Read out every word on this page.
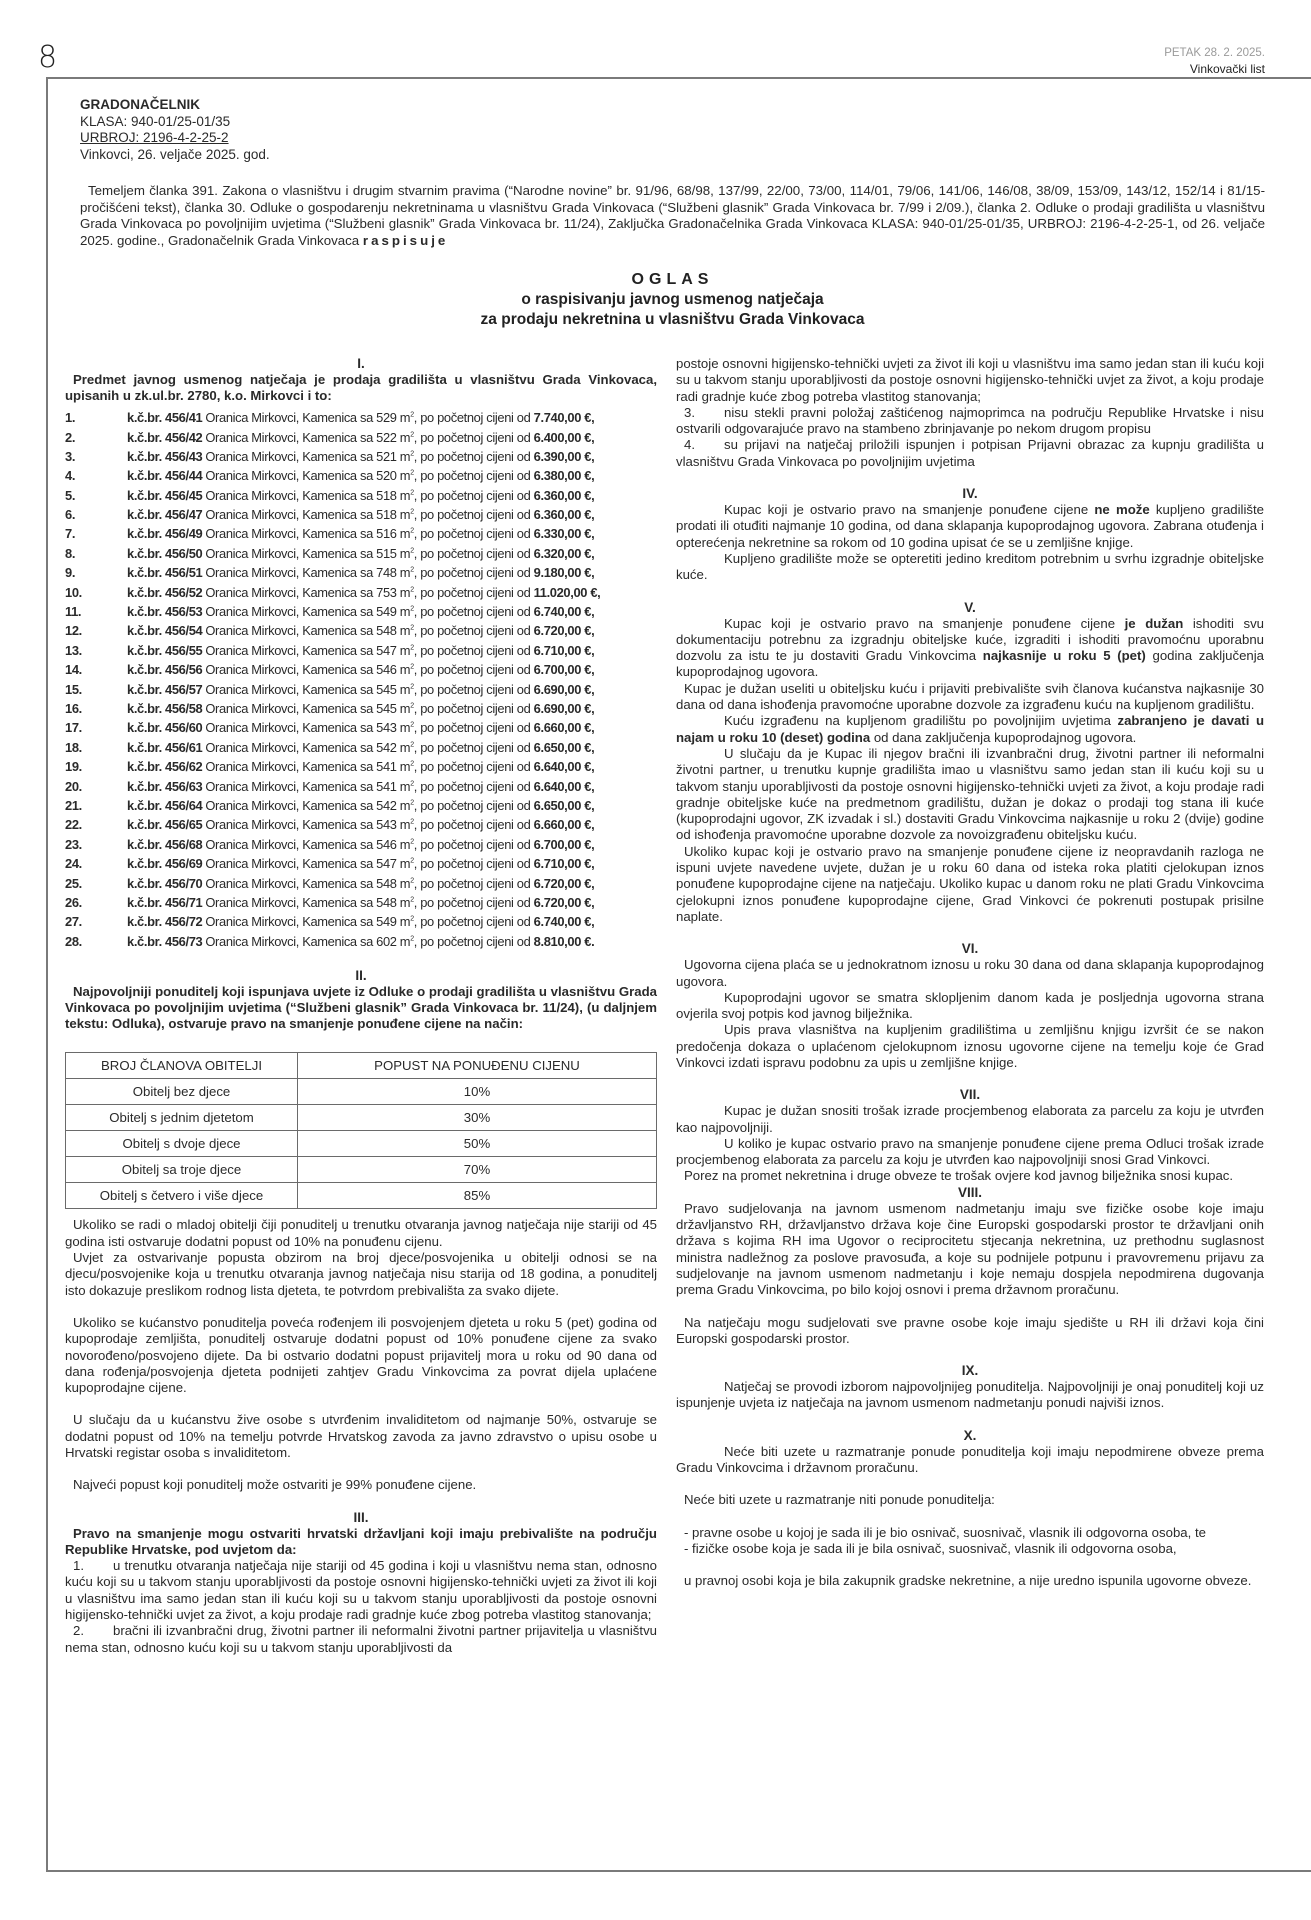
8	PETAK 28. 2. 2025.
Vinkovački list
GRADONAČELNIK
KLASA: 940-01/25-01/35
URBROJ: 2196-4-2-25-2
Vinkovci, 26. veljače 2025. god.
Temeljem članka 391. Zakona o vlasništvu i drugim stvarnim pravima (“Narodne novine” br. 91/96, 68/98, 137/99, 22/00, 73/00, 114/01, 79/06, 141/06, 146/08, 38/09, 153/09, 143/12, 152/14 i 81/15-pročišćeni tekst), članka 30. Odluke o gospodarenju nekretninama u vlasništvu Grada Vinkovaca (“Službeni glasnik” Grada Vinkovaca br. 7/99 i 2/09.), članka 2. Odluke o prodaji gradilišta u vlasništvu Grada Vinkovaca po povoljnijim uvjetima (“Službeni glasnik” Grada Vinkovaca br. 11/24), Zaključka Gradonačelnika Grada Vinkovaca KLASA: 940-01/25-01/35, URBROJ: 2196-4-2-25-1, od 26. veljače 2025. godine., Gradonačelnik Grada Vinkovaca raspisuje
OGLAS
o raspisivanju javnog usmenog natječaja
za prodaju nekretnina u vlasništvu Grada Vinkovaca
I.
Predmet javnog usmenog natječaja je prodaja gradilišta u vlasništvu Grada Vinkovaca, upisanih u zk.ul.br. 2780, k.o. Mirkovci i to:
1.	k.č.br. 456/41 Oranica Mirkovci, Kamenica sa 529 $m^2$, po početnoj cijeni od 7.740,00 €,
2.	k.č.br. 456/42 Oranica Mirkovci, Kamenica sa 522 $m^2$, po početnoj cijeni od 6.400,00 €,
3.	k.č.br. 456/43 Oranica Mirkovci, Kamenica sa 521 $m^2$, po početnoj cijeni od 6.390,00 €,
4.	k.č.br. 456/44 Oranica Mirkovci, Kamenica sa 520 $m^2$, po početnoj cijeni od 6.380,00 €,
5.	k.č.br. 456/45 Oranica Mirkovci, Kamenica sa 518 $m^2$, po početnoj cijeni od 6.360,00 €,
6.	k.č.br. 456/47 Oranica Mirkovci, Kamenica sa 518 $m^2$, po početnoj cijeni od 6.360,00 €,
7.	k.č.br. 456/49 Oranica Mirkovci, Kamenica sa 516 $m^2$, po početnoj cijeni od 6.330,00 €,
8.	k.č.br. 456/50 Oranica Mirkovci, Kamenica sa 515 $m^2$, po početnoj cijeni od 6.320,00 €,
9.	k.č.br. 456/51 Oranica Mirkovci, Kamenica sa 748 $m^2$, po početnoj cijeni od 9.180,00 €,
10.	k.č.br. 456/52 Oranica Mirkovci, Kamenica sa 753 $m^2$, po početnoj cijeni od 11.020,00 €,
11.	k.č.br. 456/53 Oranica Mirkovci, Kamenica sa 549 $m^2$, po početnoj cijeni od 6.740,00 €,
12.	k.č.br. 456/54 Oranica Mirkovci, Kamenica sa 548 $m^2$, po početnoj cijeni od 6.720,00 €,
13.	k.č.br. 456/55 Oranica Mirkovci, Kamenica sa 547 $m^2$, po početnoj cijeni od 6.710,00 €,
14.	k.č.br. 456/56 Oranica Mirkovci, Kamenica sa 546 $m^2$, po početnoj cijeni od 6.700,00 €,
15.	k.č.br. 456/57 Oranica Mirkovci, Kamenica sa 545 $m^2$, po početnoj cijeni od 6.690,00 €,
16.	k.č.br. 456/58 Oranica Mirkovci, Kamenica sa 545 $m^2$, po početnoj cijeni od 6.690,00 €,
17.	k.č.br. 456/60 Oranica Mirkovci, Kamenica sa 543 $m^2$, po početnoj cijeni od 6.660,00 €,
18.	k.č.br. 456/61 Oranica Mirkovci, Kamenica sa 542 $m^2$, po početnoj cijeni od 6.650,00 €,
19.	k.č.br. 456/62 Oranica Mirkovci, Kamenica sa 541 $m^2$, po početnoj cijeni od 6.640,00 €,
20.	k.č.br. 456/63 Oranica Mirkovci, Kamenica sa 541 $m^2$, po početnoj cijeni od 6.640,00 €,
21.	k.č.br. 456/64 Oranica Mirkovci, Kamenica sa 542 $m^2$, po početnoj cijeni od 6.650,00 €,
22.	k.č.br. 456/65 Oranica Mirkovci, Kamenica sa 543 $m^2$, po početnoj cijeni od 6.660,00 €,
23.	k.č.br. 456/68 Oranica Mirkovci, Kamenica sa 546 $m^2$, po početnoj cijeni od 6.700,00 €,
24.	k.č.br. 456/69 Oranica Mirkovci, Kamenica sa 547 $m^2$, po početnoj cijeni od 6.710,00 €,
25.	k.č.br. 456/70 Oranica Mirkovci, Kamenica sa 548 $m^2$, po početnoj cijeni od 6.720,00 €,
26.	k.č.br. 456/71 Oranica Mirkovci, Kamenica sa 548 $m^2$, po početnoj cijeni od 6.720,00 €,
27.	k.č.br. 456/72 Oranica Mirkovci, Kamenica sa 549 $m^2$, po početnoj cijeni od 6.740,00 €,
28.	k.č.br. 456/73 Oranica Mirkovci, Kamenica sa 602 $m^2$, po početnoj cijeni od 8.810,00 €.
II.
Najpovoljniji ponuditelj koji ispunjava uvjete iz Odluke o prodaji gradilišta u vlasništvu Grada Vinkovaca po povoljnijim uvjetima (“Službeni glasnik” Grada Vinkovaca br. 11/24), (u daljnjem tekstu: Odluka), ostvaruje pravo na smanjenje ponuđene cijene na način:
BROJ ČLANOVA OBITELJI	POPUST NA PONUĐENU CIJENU
Obitelj bez djece	10%
Obitelj s jednim djetetom	30%
Obitelj s dvoje djece	50%
Obitelj sa troje djece	70%
Obitelj s četvero i više djece	85%
Ukoliko se radi o mladoj obitelji čiji ponuditelj u trenutku otvaranja javnog natječaja nije stariji od 45 godina isti ostvaruje dodatni popust od 10% na ponuđenu cijenu.
Uvjet za ostvarivanje popusta obzirom na broj djece/posvojenika u obitelji odnosi se na djecu/posvojenike koja u trenutku otvaranja javnog natječaja nisu starija od 18 godina, a ponuditelj isto dokazuje preslikom rodnog lista djeteta, te potvrdom prebivališta za svako dijete.
Ukoliko se kućanstvo ponuditelja poveća rođenjem ili posvojenjem djeteta u roku 5 (pet) godina od kupoprodaje zemljišta, ponuditelj ostvaruje dodatni popust od 10% ponuđene cijene za svako novorođeno/posvojeno dijete. Da bi ostvario dodatni popust prijavitelj mora u roku od 90 dana od dana rođenja/posvojenja djeteta podnijeti zahtjev Gradu Vinkovcima za povrat dijela uplaćene kupoprodajne cijene.
U slučaju da u kućanstvu žive osobe s utvrđenim invaliditetom od najmanje 50%, ostvaruje se dodatni popust od 10% na temelju potvrde Hrvatskog zavoda za javno zdravstvo o upisu osobe u Hrvatski registar osoba s invaliditetom.
Najveći popust koji ponuditelj može ostvariti je 99% ponuđene cijene.
III.
Pravo na smanjenje mogu ostvariti hrvatski državljani koji imaju prebivalište na području Republike Hrvatske, pod uvjetom da:
1. u trenutku otvaranja natječaja nije stariji od 45 godina i koji u vlasništvu nema stan, odnosno kuću koji su u takvom stanju uporabljivosti da postoje osnovni higijensko-tehnički uvjeti za život ili koji u vlasništvu ima samo jedan stan ili kuću koji su u takvom stanju uporabljivosti da postoje osnovni higijensko-tehnički uvjet za život, a koju prodaje radi gradnje kuće zbog potreba vlastitog stanovanja;
2. bračni ili izvanbračni drug, životni partner ili neformalni životni partner prijavitelja u vlasništvu nema stan, odnosno kuću koji su u takvom stanju uporabljivosti da
postoje osnovni higijensko-tehnički uvjeti za život ili koji u vlasništvu ima samo jedan stan ili kuću koji su u takvom stanju uporabljivosti da postoje osnovni higijensko-tehnički uvjet za život, a koju prodaje radi gradnje kuće zbog potreba vlastitog stanovanja;
3. nisu stekli pravni položaj zaštićenog najmoprimca na području Republike Hrvatske i nisu ostvarili odgovarajuće pravo na stambeno zbrinjavanje po nekom drugom propisu
4. su prijavi na natječaj priložili ispunjen i potpisan Prijavni obrazac za kupnju gradilišta u vlasništvu Grada Vinkovaca po povoljnijim uvjetima
IV.
Kupac koji je ostvario pravo na smanjenje ponuđene cijene ne može kupljeno gradilište prodati ili otuđiti najmanje 10 godina, od dana sklapanja kupoprodajnog ugovora. Zabrana otuđenja i opterećenja nekretnine sa rokom od 10 godina upisat će se u zemljišne knjige.
Kupljeno gradilište može se opteretiti jedino kreditom potrebnim u svrhu izgradnje obiteljske kuće.
V.
Kupac koji je ostvario pravo na smanjenje ponuđene cijene je dužan ishoditi svu dokumentaciju potrebnu za izgradnju obiteljske kuće, izgraditi i ishoditi pravomoćnu uporabnu dozvolu za istu te ju dostaviti Gradu Vinkovcima najkasnije u roku 5 (pet) godina zaključenja kupoprodajnog ugovora.
Kupac je dužan useliti u obiteljsku kuću i prijaviti prebivalište svih članova kućanstva najkasnije 30 dana od dana ishođenja pravomoćne uporabne dozvole za izgrađenu kuću na kupljenom gradilištu.
Kuću izgrađenu na kupljenom gradilištu po povoljnijim uvjetima zabranjeno je davati u najam u roku 10 (deset) godina od dana zaključenja kupoprodajnog ugovora.
U slučaju da je Kupac ili njegov bračni ili izvanbračni drug, životni partner ili neformalni životni partner, u trenutku kupnje gradilišta imao u vlasništvu samo jedan stan ili kuću koji su u takvom stanju uporabljivosti da postoje osnovni higijensko-tehnički uvjeti za život, a koju prodaje radi gradnje obiteljske kuće na predmetnom gradilištu, dužan je dokaz o prodaji tog stana ili kuće (kupoprodajni ugovor, ZK izvadak i sl.) dostaviti Gradu Vinkovcima najkasnije u roku 2 (dvije) godine od ishođenja pravomoćne uporabne dozvole za novoizgrađenu obiteljsku kuću.
Ukoliko kupac koji je ostvario pravo na smanjenje ponuđene cijene iz neopravdanih razloga ne ispuni uvjete navedene uvjete, dužan je u roku 60 dana od isteka roka platiti cjelokupan iznos ponuđene kupoprodajne cijene na natječaju. Ukoliko kupac u danom roku ne plati Gradu Vinkovcima cjelokupni iznos ponuđene kupoprodajne cijene, Grad Vinkovci će pokrenuti postupak prisilne naplate.
VI.
Ugovorna cijena plaća se u jednokratnom iznosu u roku 30 dana od dana sklapanja kupoprodajnog ugovora.
Kupoprodajni ugovor se smatra sklopljenim danom kada je posljednja ugovorna strana ovjerila svoj potpis kod javnog bilježnika.
Upis prava vlasništva na kupljenim gradilištima u zemljišnu knjigu izvršit će se nakon predočenja dokaza o uplaćenom cjelokupnom iznosu ugovorne cijene na temelju koje će Grad Vinkovci izdati ispravu podobnu za upis u zemljišne knjige.
VII.
Kupac je dužan snositi trošak izrade procjembenog elaborata za parcelu za koju je utvrđen kao najpovoljniji.
U koliko je kupac ostvario pravo na smanjenje ponuđene cijene prema Odluci trošak izrade procjembenog elaborata za parcelu za koju je utvrđen kao najpovoljniji snosi Grad Vinkovci.
Porez na promet nekretnina i druge obveze te trošak ovjere kod javnog bilježnika snosi kupac.
VIII.
Pravo sudjelovanja na javnom usmenom nadmetanju imaju sve fizičke osobe koje imaju državljanstvo RH, državljanstvo država koje čine Europski gospodarski prostor te državljani onih država s kojima RH ima Ugovor o reciprocitetu stjecanja nekretnina, uz prethodnu suglasnost ministra nadležnog za poslove pravosuđa, a koje su podnijele potpunu i pravovremenu prijavu za sudjelovanje na javnom usmenom nadmetanju i koje nemaju dospjela nepodmirena dugovanja prema Gradu Vinkovcima, po bilo kojoj osnovi i prema državnom proračunu.
Na natječaju mogu sudjelovati sve pravne osobe koje imaju sjedište u RH ili državi koja čini Europski gospodarski prostor.
IX.
Natječaj se provodi izborom najpovoljnijeg ponuditelja. Najpovoljniji je onaj ponuditelj koji uz ispunjenje uvjeta iz natječaja na javnom usmenom nadmetanju ponudi najviši iznos.
X.
Neće biti uzete u razmatranje ponude ponuditelja koji imaju nepodmirene obveze prema Gradu Vinkovcima i državnom proračunu.
Neće biti uzete u razmatranje niti ponude ponuditelja:
- pravne osobe u kojoj je sada ili je bio osnivač, suosnivač, vlasnik ili odgovorna osoba, te
- fizičke osobe koja je sada ili je bila osnivač, suosnivač, vlasnik ili odgovorna osoba,
u pravnoj osobi koja je bila zakupnik gradske nekretnine, a nije uredno ispunila ugovorne obveze.
